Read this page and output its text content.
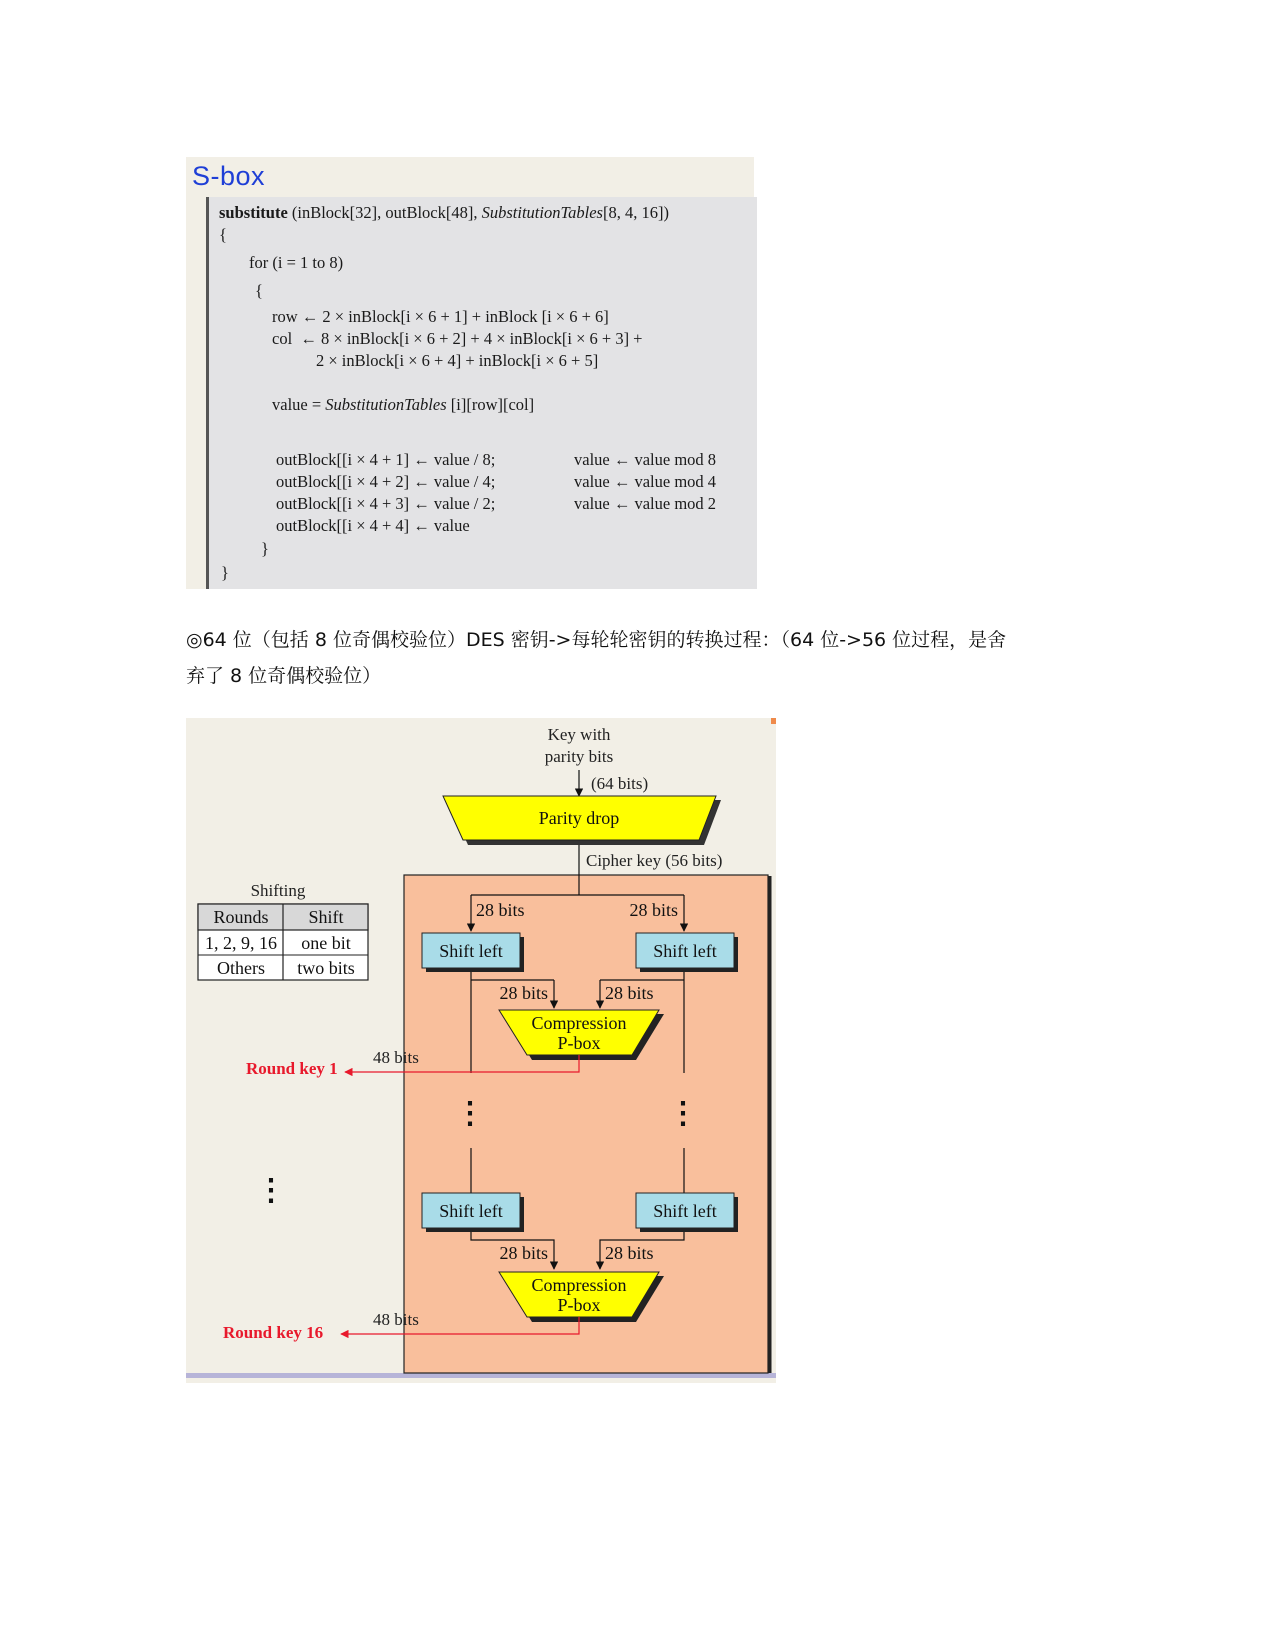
S-box
substitute (inBlock[32], outBlock[48], SubstitutionTables[8, 4, 16])
{
for (i = 1 to 8)
{
row ← 2 × inBlock[i × 6 + 1] + inBlock [i × 6 + 6]
col  ← 8 × inBlock[i × 6 + 2] + 4 × inBlock[i × 6 + 3] +
2 × inBlock[i × 6 + 4] + inBlock[i × 6 + 5]
value = SubstitutionTables [i][row][col]
outBlock[[i × 4 + 1] ← value / 8;
outBlock[[i × 4 + 2] ← value / 4;
outBlock[[i × 4 + 3] ← value / 2;
outBlock[[i × 4 + 4] ← value
value ← value mod 8
value ← value mod 4
value ← value mod 2
}
}
◎64 位（包括 8 位奇偶校验位）DES 密钥->每轮轮密钥的转换过程：（64 位->56 位过程，是舍
弃了 8 位奇偶校验位）
Key with
parity bits
(64 bits)
Parity drop
Cipher key (56 bits)
28 bits	28 bits
Shift left	Shift left
28 bits	28 bits
Compression
P-box
48 bits
Round key 1
⋮	⋮
⋮
Shift left	Shift left
28 bits	28 bits
Compression
P-box
48 bits
Round key 16
Shifting
Rounds Shift
1, 2, 9, 16 one bit
Others two bits
